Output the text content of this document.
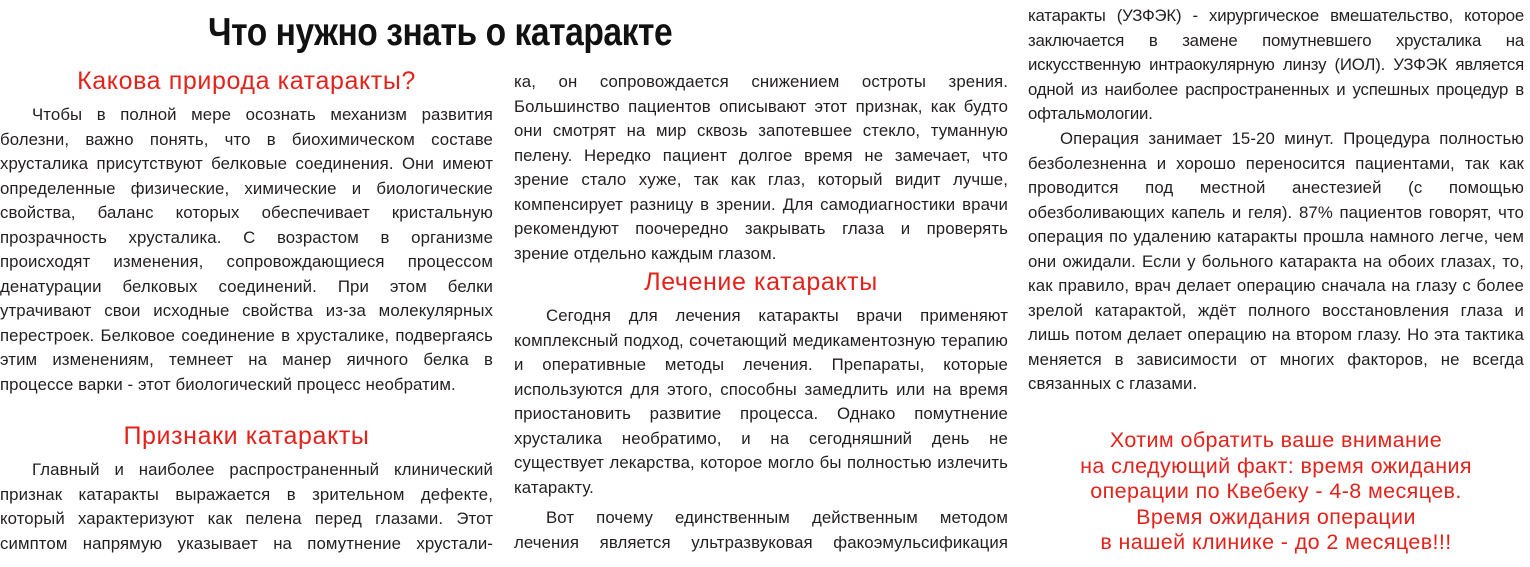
Что нужно знать о катаракте
Какова природа катаракты?

Чтобы в полной мере осознать механизм развития болезни, важно понять, что в биохимическом составе хрусталика присутствуют белковые соединения. Они имеют определенные физические, химические и биологические свойства, баланс которых обеспечивает кристальную прозрачность хрусталика. С возрастом в организме происходят изменения, сопровождающиеся процессом денатурации белковых соединений. При этом белки утрачивают свои исходные свойства из-за молекулярных перестроек. Белковое соединение в хрусталике, подвергаясь этим изменениям, темнеет на манер яичного белка в процессе варки - этот биологический процесс необратим.

Признаки катаракты

Главный и наиболее распространенный клинический признак катаракты выражается в зрительном дефекте, который характеризуют как пелена перед глазами. Этот симптом напрямую указывает на помутнение хрустали-

ка, он сопровождается снижением остроты зрения. Большинство пациентов описывают этот признак, как будто они смотрят на мир сквозь запотевшее стекло, туманную пелену. Нередко пациент долгое время не замечает, что зрение стало хуже, так как глаз, который видит лучше, компенсирует разницу в зрении. Для самодиагностики врачи рекомендуют поочередно закрывать глаза и проверять зрение отдельно каждым глазом.

Лечение катаракты

Сегодня для лечения катаракты врачи применяют комплексный подход, сочетающий медикаментозную терапию и оперативные методы лечения. Препараты, которые используются для этого, способны замедлить или на время приостановить развитие процесса. Однако помутнение хрусталика необратимо, и на сегодняшний день не существует лекарства, которое могло бы полностью излечить катаракту.

Вот почему единственным действенным методом лечения является ультразвуковая факоэмульсификация

катаракты (УЗФЭК) - хирургическое вмешательство, которое заключается в замене помутневшего хрусталика на искусственную интраокулярную линзу (ИОЛ). УЗФЭК является одной из наиболее распространенных и успешных процедур в офтальмологии.

Операция занимает 15-20 минут. Процедура полностью безболезненна и хорошо переносится пациентами, так как проводится под местной анестезией (с помощью обезболивающих капель и геля). 87% пациентов говорят, что операция по удалению катаракты прошла намного легче, чем они ожидали. Если у больного катаракта на обоих глазах, то, как правило, врач делает операцию сначала на глазу с более зрелой катарактой, ждёт полного восстановления глаза и лишь потом делает операцию на втором глазу. Но эта тактика меняется в зависимости от многих факторов, не всегда связанных с глазами.

Хотим обратить ваше внимание
на следующий факт: время ожидания
операции по Квебеку - 4-8 месяцев.
Время ожидания операции
в нашей клинике - до 2 месяцев!!!
